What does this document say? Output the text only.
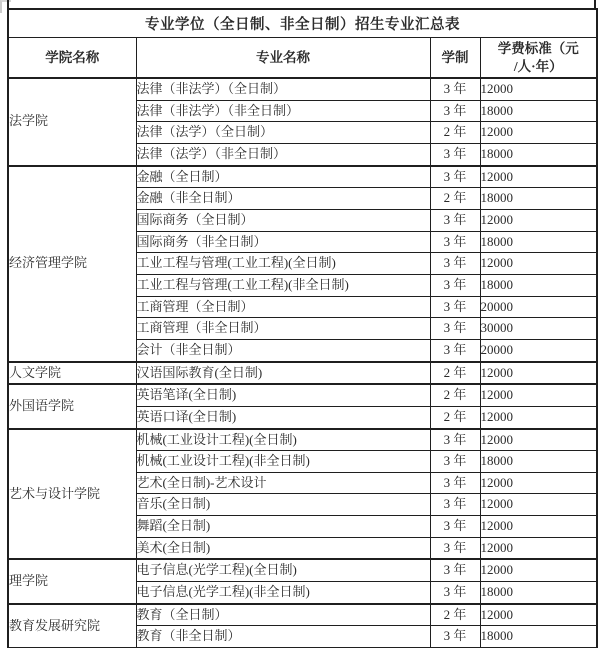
专业学位（全日制、非全日制）招生专业汇总表			
学院名称	专业名称	学制	学费标准（元
/人·年）
法学院	法律（非法学）（全日制）	3 年	12000
	法律（非法学）（非全日制）	3 年	18000
	法律（法学）（全日制）	2 年	12000
	法律（法学）（非全日制）	3 年	18000
经济管理学院	金融（全日制）	3 年	12000
	金融（非全日制）	2 年	18000
	国际商务（全日制）	3 年	12000
	国际商务（非全日制）	3 年	18000
	工业工程与管理(工业工程)(全日制)	3 年	12000
	工业工程与管理(工业工程)(非全日制)	3 年	18000
	工商管理（全日制）	3 年	20000
	工商管理（非全日制）	3 年	30000
	会计（非全日制）	3 年	20000
人文学院	汉语国际教育(全日制)	2 年	12000
外国语学院	英语笔译(全日制)	2 年	12000
	英语口译(全日制)	2 年	12000
艺术与设计学院	机械(工业设计工程)(全日制)	3 年	12000
	机械(工业设计工程)(非全日制)	3 年	18000
	艺术(全日制)-艺术设计	3 年	12000
	音乐(全日制)	3 年	12000
	舞蹈(全日制)	3 年	12000
	美术(全日制)	3 年	12000
理学院	电子信息(光学工程)(全日制)	3 年	12000
	电子信息(光学工程)(非全日制)	3 年	18000
教育发展研究院	教育（全日制）	2 年	12000
	教育（非全日制）	3 年	18000
